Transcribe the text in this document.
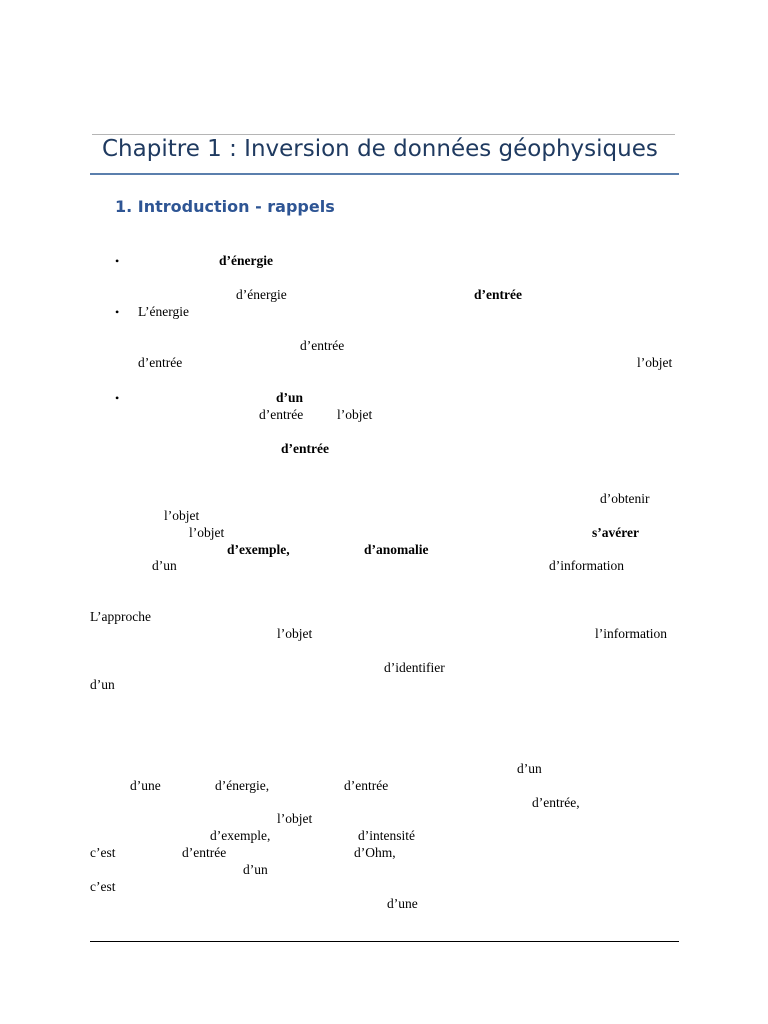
Chapitre 1 : Inversion de données géophysiques
1. Introduction - rappels
•
•
•
d’énergie
d’énergie	d’entrée
L’énergie
d’entrée
d’entrée	l’objet
d’un
d’entrée	l’objet
d’entrée
d’obtenir
l’objet
l’objet	s’avérer
d’exemple,	d’anomalie
d’un	d’information
L’approche
l’objet	l’information
d’identifier
d’un
d’un
d’une	d’énergie,	d’entrée
d’entrée,
l’objet
d’exemple,	d’intensité
c’est	d’entrée	d’Ohm,
d’un
c’est
d’une
